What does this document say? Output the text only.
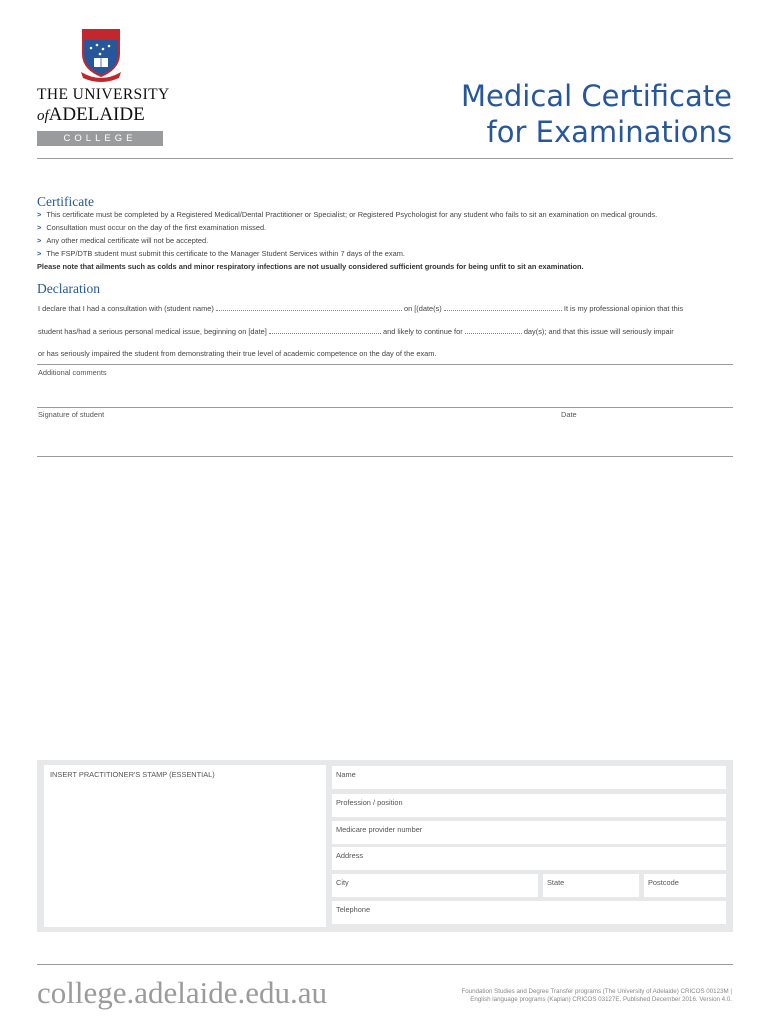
THE UNIVERSITY
ofADELAIDE
COLLEGE
Medical Certificate
for Examinations
Certificate
> This certificate must be completed by a Registered Medical/Dental Practitioner or Specialist; or Registered Psychologist for any student who fails to sit an examination on medical grounds.
> Consultation must occur on the day of the first examination missed.
> Any other medical certificate will not be accepted.
> The FSP/DTB student must submit this certificate to the Manager Student Services within 7 days of the exam.
Please note that ailments such as colds and minor respiratory infections are not usually considered sufficient grounds for being unfit to sit an examination.
Declaration
I declare that I had a consultation with (student name)	on [(date(s)	It is my professional opinion that this
student has/had a serious personal medical issue, beginning on [date]	and likely to continue for	day(s); and that this issue will seriously impair
or has seriously impaired the student from demonstrating their true level of academic competence on the day of the exam.
Additional comments
Signature of student	Date
INSERT PRACTITIONER'S STAMP (ESSENTIAL)	Name
Profession / position
Medicare provider number
Address
City	State	Postcode
Telephone
college.adelaide.edu.au	Foundation Studies and Degree Transfer programs (The University of Adelaide) CRICOS 00123M |
English language programs (Kaplan) CRICOS 03127E. Published December 2016. Version 4.0.
